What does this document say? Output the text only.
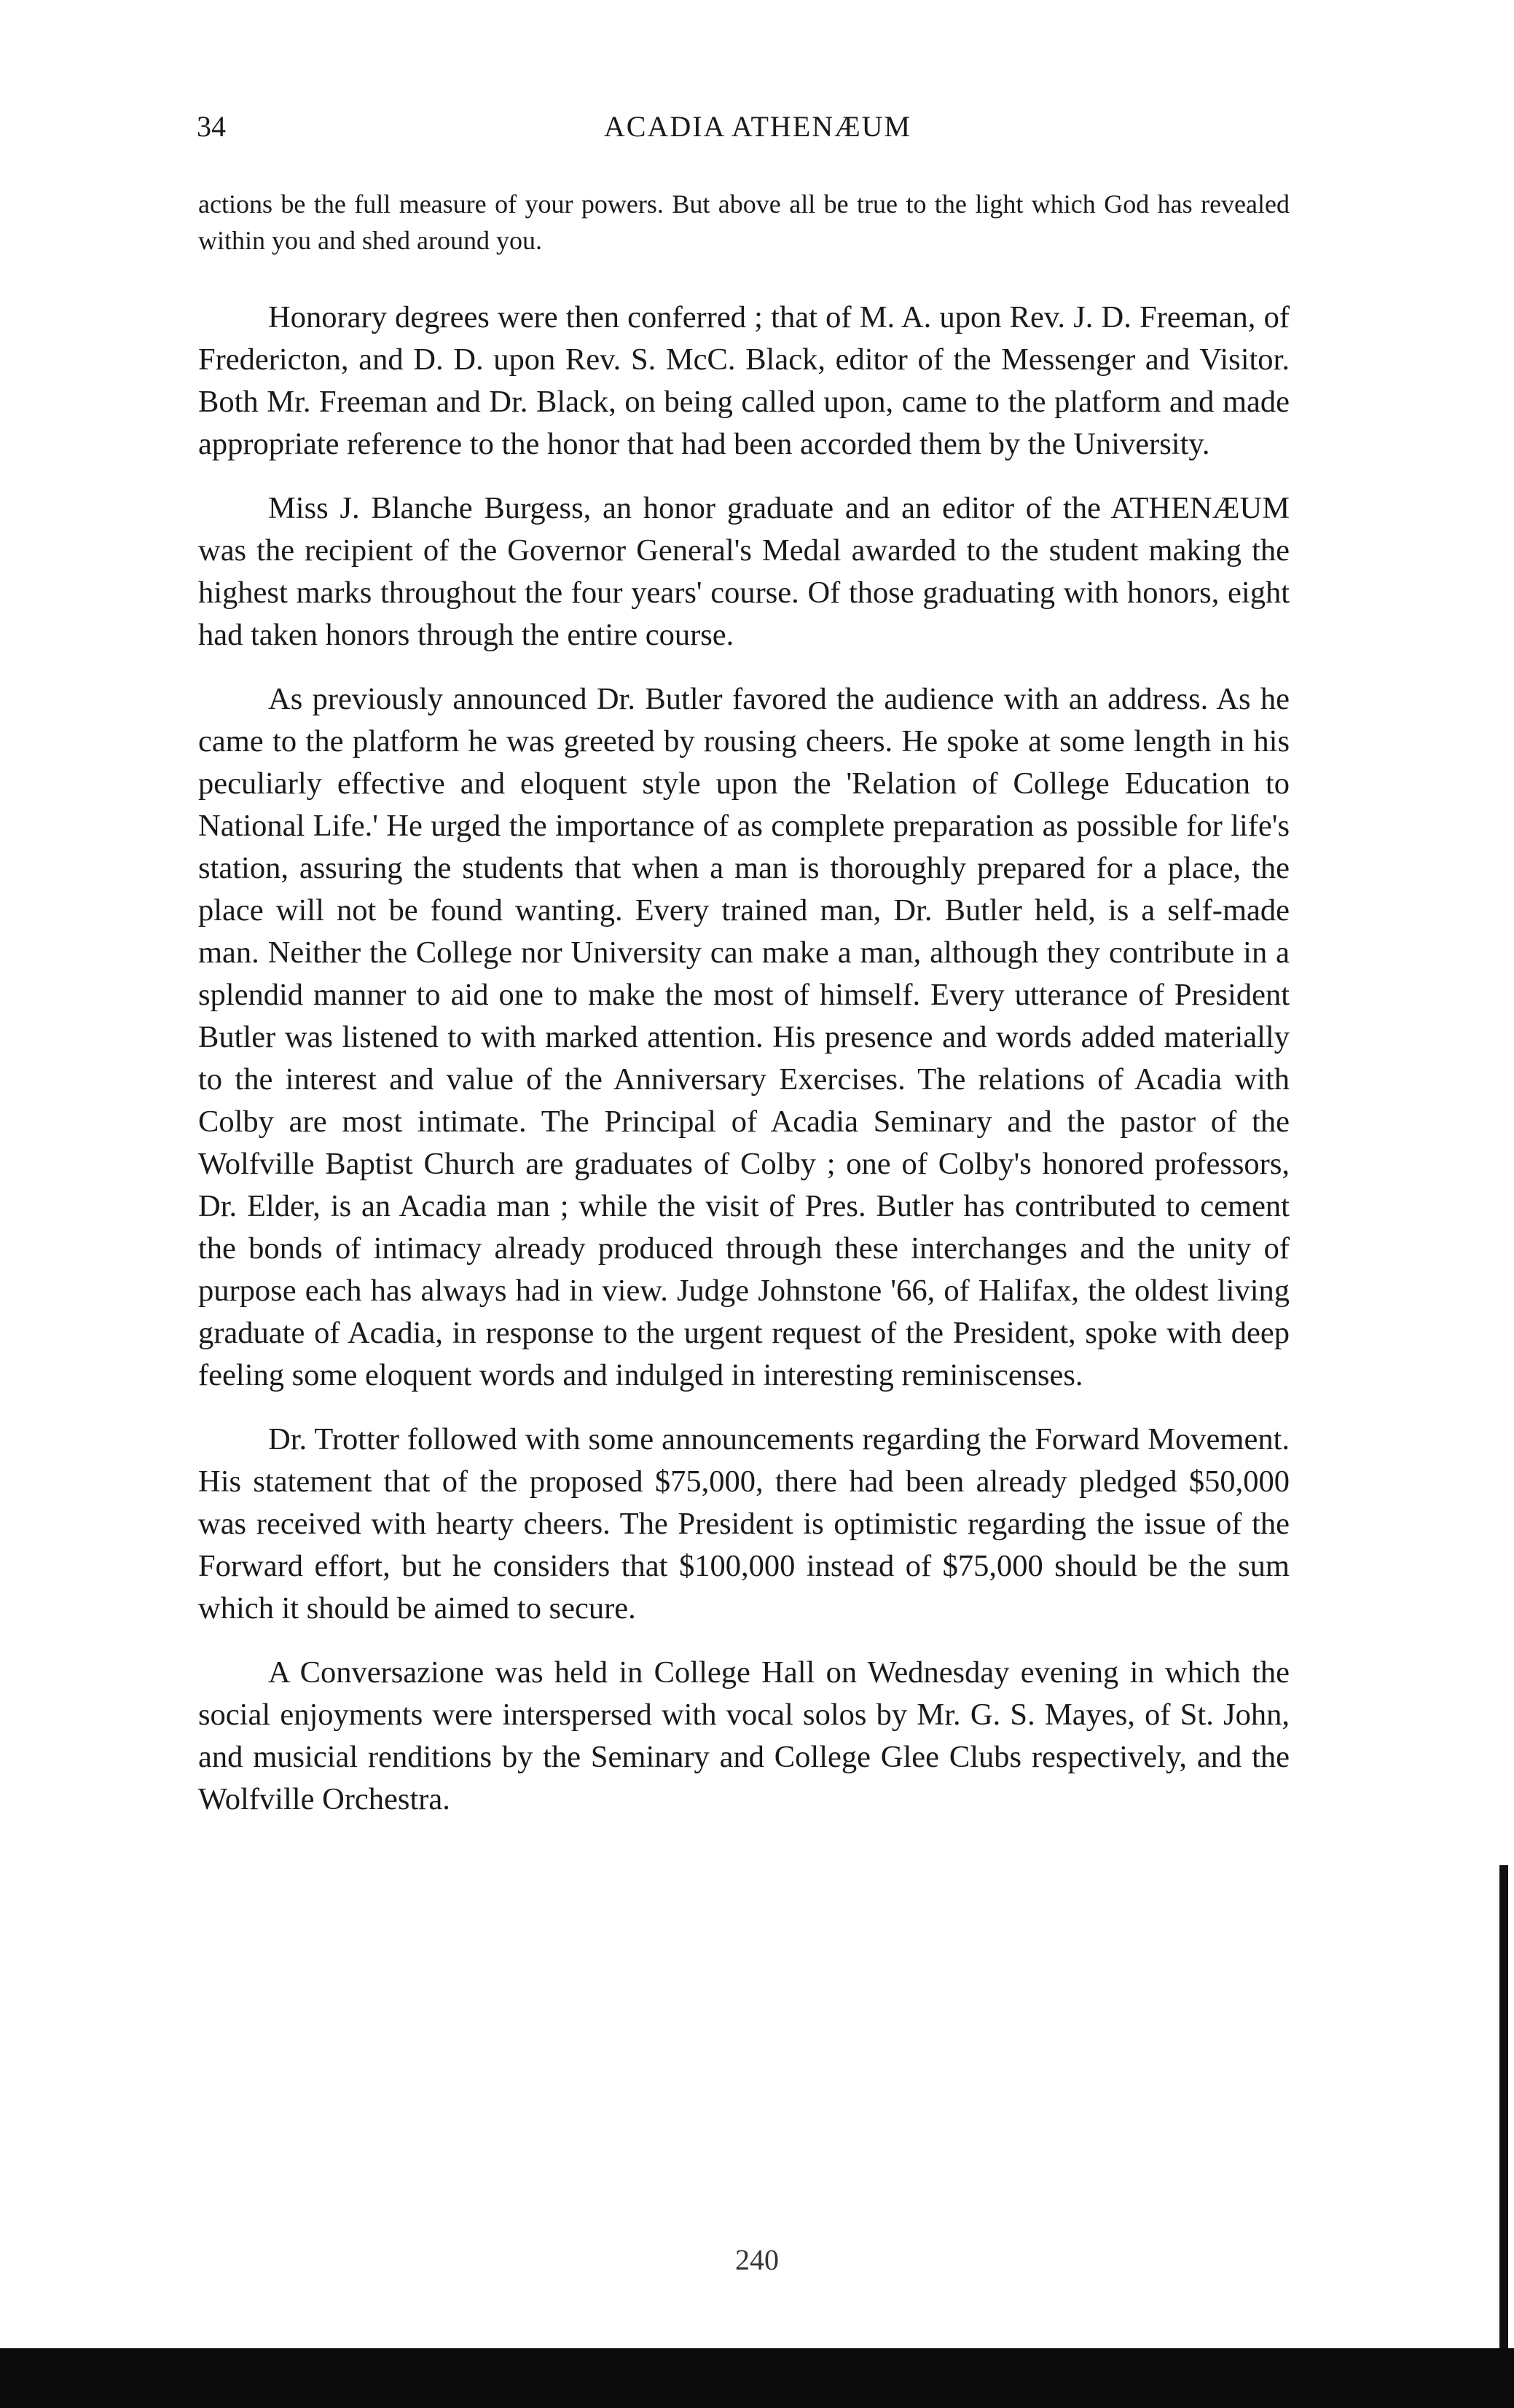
34	ACADIA ATHENÆUM

actions be the full measure of your powers. But above all be true to the light which God has revealed within you and shed around you.

Honorary degrees were then conferred ; that of M. A. upon Rev. J. D. Freeman, of Fredericton, and D. D. upon Rev. S. McC. Black, editor of the Messenger and Visitor. Both Mr. Freeman and Dr. Black, on being called upon, came to the platform and made appropriate reference to the honor that had been accorded them by the University.

Miss J. Blanche Burgess, an honor graduate and an editor of the ATHENÆUM was the recipient of the Governor General's Medal awarded to the student making the highest marks throughout the four years' course. Of those graduating with honors, eight had taken honors through the entire course.

As previously announced Dr. Butler favored the audience with an address. As he came to the platform he was greeted by rousing cheers. He spoke at some length in his peculiarly effective and eloquent style upon the 'Relation of College Education to National Life.' He urged the importance of as complete preparation as possible for life's station, assuring the students that when a man is thoroughly prepared for a place, the place will not be found wanting. Every trained man, Dr. Butler held, is a self-made man. Neither the College nor University can make a man, although they contribute in a splendid manner to aid one to make the most of himself. Every utterance of President Butler was listened to with marked attention. His presence and words added materially to the interest and value of the Anniversary Exercises. The relations of Acadia with Colby are most intimate. The Principal of Acadia Seminary and the pastor of the Wolfville Baptist Church are graduates of Colby ; one of Colby's honored professors, Dr. Elder, is an Acadia man ; while the visit of Pres. Butler has contributed to cement the bonds of intimacy already produced through these interchanges and the unity of purpose each has always had in view. Judge Johnstone '66, of Halifax, the oldest living graduate of Acadia, in response to the urgent request of the President, spoke with deep feeling some eloquent words and indulged in interesting reminiscenses.

Dr. Trotter followed with some announcements regarding the Forward Movement. His statement that of the proposed $75,000, there had been already pledged $50,000 was received with hearty cheers. The President is optimistic regarding the issue of the Forward effort, but he considers that $100,000 instead of $75,000 should be the sum which it should be aimed to secure.

A Conversazione was held in College Hall on Wednesday evening in which the social enjoyments were interspersed with vocal solos by Mr. G. S. Mayes, of St. John, and musicial renditions by the Seminary and College Glee Clubs respectively, and the Wolfville Orchestra.

240
